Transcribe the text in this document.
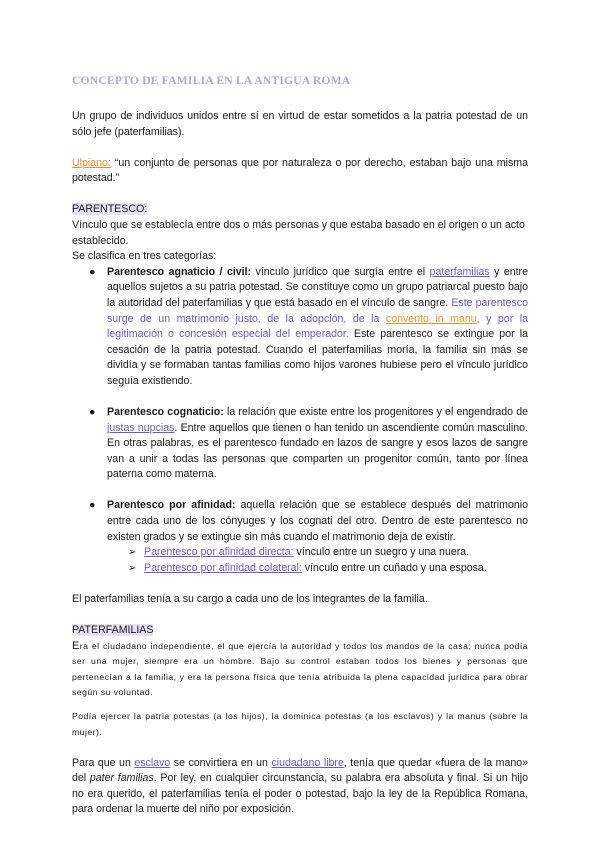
CONCEPTO DE FAMILIA EN LA ANTIGUA ROMA

Un grupo de individuos unidos entre sí en virtud de estar sometidos a la patria potestad de un sólo jefe (paterfamilias).

Ulpiano: “un conjunto de personas que por naturaleza o por derecho, estaban bajo una misma potestad.”

PARENTESCO:

Vínculo que se establecía entre dos o más personas y que estaba basado en el origen o un acto establecido.

Se clasifica en tres categorías:

● Parentesco agnaticio / civil: vínculo jurídico que surgía entre el paterfamilias y entre aquellos sujetos a su patria potestad. Se constituye como un grupo patriarcal puesto bajo la autoridad del paterfamilias y que está basado en el vínculo de sangre. Este parentesco surge de un matrimonio justo, de la adopción, de la convento in manu, y por la legitimación o concesión especial del emperador. Este parentesco se extingue por la cesación de la patria potestad. Cuando el paterfamilias moría, la familia sin más se dividía y se formaban tantas familias como hijos varones hubiese pero el vínculo jurídico seguía existiendo.
● Parentesco cognaticio: la relación que existe entre los progenitores y el engendrado de justas nupcias. Entre aquellos que tienen o han tenido un ascendiente común masculino. En otras palabras, es el parentesco fundado en lazos de sangre y esos lazos de sangre van a unir a todas las personas que comparten un progenitor común, tanto por línea paterna como materna.
● Parentesco por afinidad: aquella relación que se establece después del matrimonio entre cada uno de los cónyuges y los cognati del otro. Dentro de este parentesco no existen grados y se extingue sin más cuando el matrimonio deja de existir.
➢ Parentesco por afinidad directa: vínculo entre un suegro y una nuera.
➢ Parentesco por afinidad colateral: vínculo entre un cuñado y una esposa.

El paterfamilias tenía a su cargo a cada uno de los integrantes de la familia.

PATERFAMILIAS

Era el ciudadano independiente, el que ejercía la autoridad y todos los mandos de la casa; nunca podía ser una mujer, siempre era un hombre. Bajo su control estaban todos los bienes y personas que pertenecían a la familia, y era la persona física que tenía atribuida la plena capacidad jurídica para obrar según su voluntad.

Podía ejercer la patria potestas (a los hijos), la dominica potestas (a los esclavos) y la manus (sobre la mujer).

Para que un esclavo se convirtiera en un ciudadano libre, tenía que quedar «fuera de la mano» del pater familias. Por ley, en cualquier circunstancia, su palabra era absoluta y final. Si un hijo no era querido, el paterfamilias tenía el poder o potestad, bajo la ley de la República Romana, para ordenar la muerte del niño por exposición.
